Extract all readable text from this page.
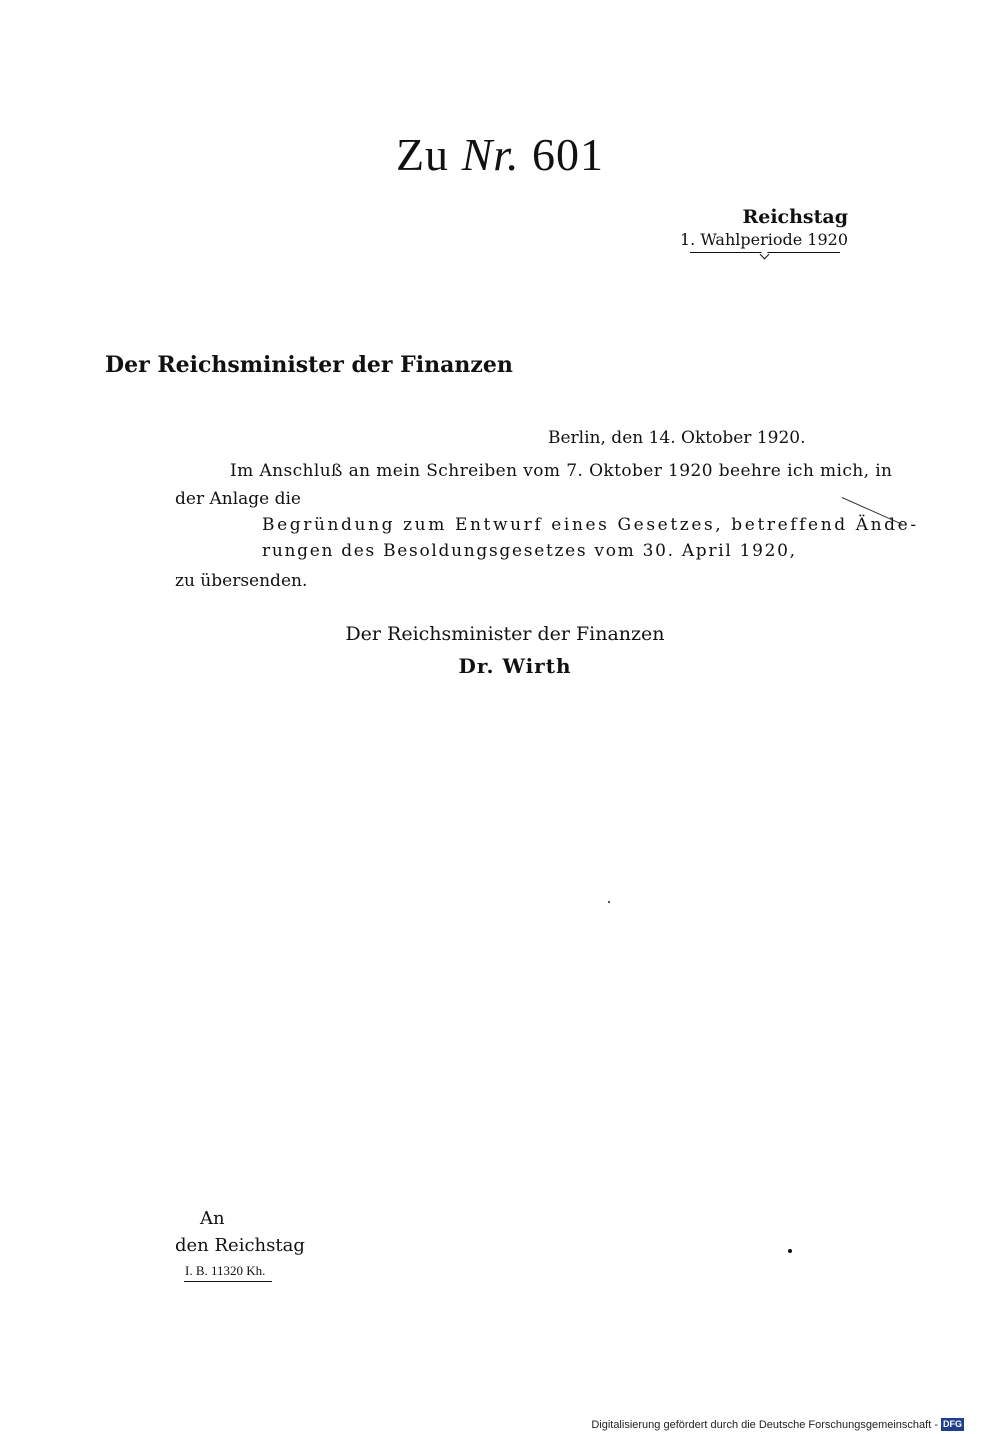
Zu Nr. 601
Reichstag
1. Wahlperiode 1920
Der Reichsminister der Finanzen
Berlin, den 14. Oktober 1920.
Im Anschluß an mein Schreiben vom 7. Oktober 1920 beehre ich mich, in
der Anlage die
Begründung zum Entwurf eines Gesetzes, betreffend Ände-
rungen des Besoldungsgesetzes vom 30. April 1920,
zu übersenden.
Der Reichsminister der Finanzen
Dr. Wirth
An
den Reichstag
I. B. 11320 Kh.
Digitalisierung gefördert durch die Deutsche Forschungsgemeinschaft - DFG
